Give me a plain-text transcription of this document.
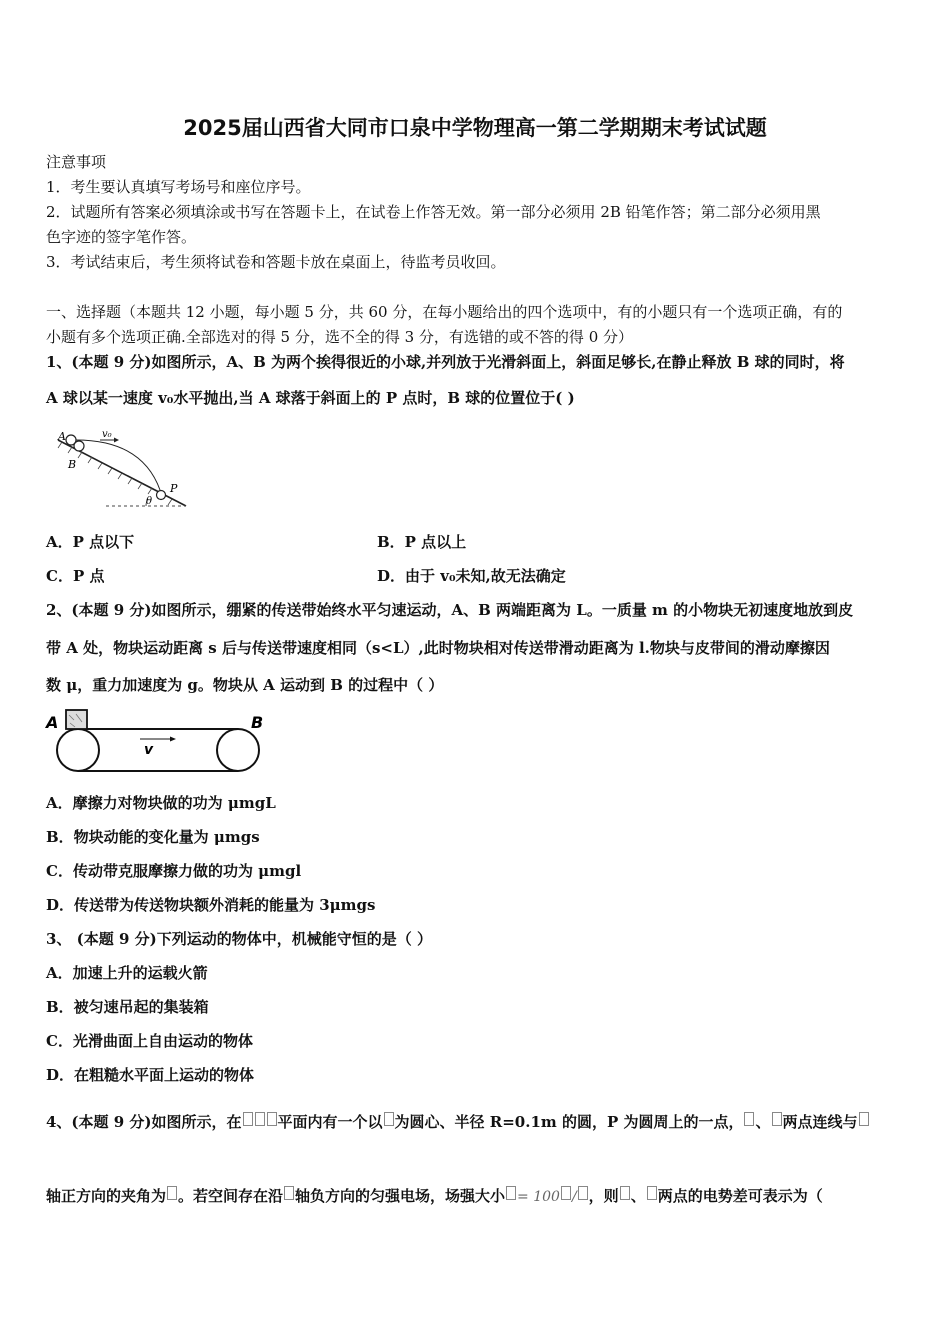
2025届山西省大同市口泉中学物理高一第二学期期末考试试题
注意事项
1．考生要认真填写考场号和座位序号。
2．试题所有答案必须填涂或书写在答题卡上，在试卷上作答无效。第一部分必须用 2B 铅笔作答；第二部分必须用黑
色字迹的签字笔作答。
3．考试结束后，考生须将试卷和答题卡放在桌面上，待监考员收回。
一、选择题（本题共 12 小题，每小题 5 分，共 60 分，在每小题给出的四个选项中，有的小题只有一个选项正确，有的
小题有多个选项正确.全部选对的得 5 分，选不全的得 3 分，有选错的或不答的得 0 分）
1、(本题 9 分)如图所示，A、B 为两个挨得很近的小球,并列放于光滑斜面上，斜面足够长,在静止释放 B 球的同时，将
A 球以某一速度 v₀水平抛出,当 A 球落于斜面上的 P 点时，B 球的位置位于( )
A
B
v₀
P
θ
A．P 点以下	B．P 点以上
C．P 点	D．由于 v₀未知,故无法确定
2、(本题 9 分)如图所示，绷紧的传送带始终水平匀速运动，A、B 两端距离为 L。一质量 m 的小物块无初速度地放到皮
带 A 处，物块运动距离 s 后与传送带速度相同（s<L）,此时物块相对传送带滑动距离为 l.物块与皮带间的滑动摩擦因
数 μ，重力加速度为 g。物块从 A 运动到 B 的过程中（ ）
A	B
v
A．摩擦力对物块做的功为 μmgL
B．物块动能的变化量为 μmgs
C．传动带克服摩擦力做的功为 μmgl
D．传送带为传送物块额外消耗的能量为 3μmgs
3、 (本题 9 分)下列运动的物体中，机械能守恒的是（ ）
A．加速上升的运载火箭
B．被匀速吊起的集装箱
C．光滑曲面上自由运动的物体
D．在粗糙水平面上运动的物体
4、(本题 9 分)如图所示，在 平面内有一个以 为圆心、半径 R=0.1m 的圆，P 为圆周上的一点， 、 两点连线与
轴正方向的夹角为 。若空间存在沿 轴负方向的匀强电场，场强大小 = 100 / ，则 、 两点的电势差可表示为（
